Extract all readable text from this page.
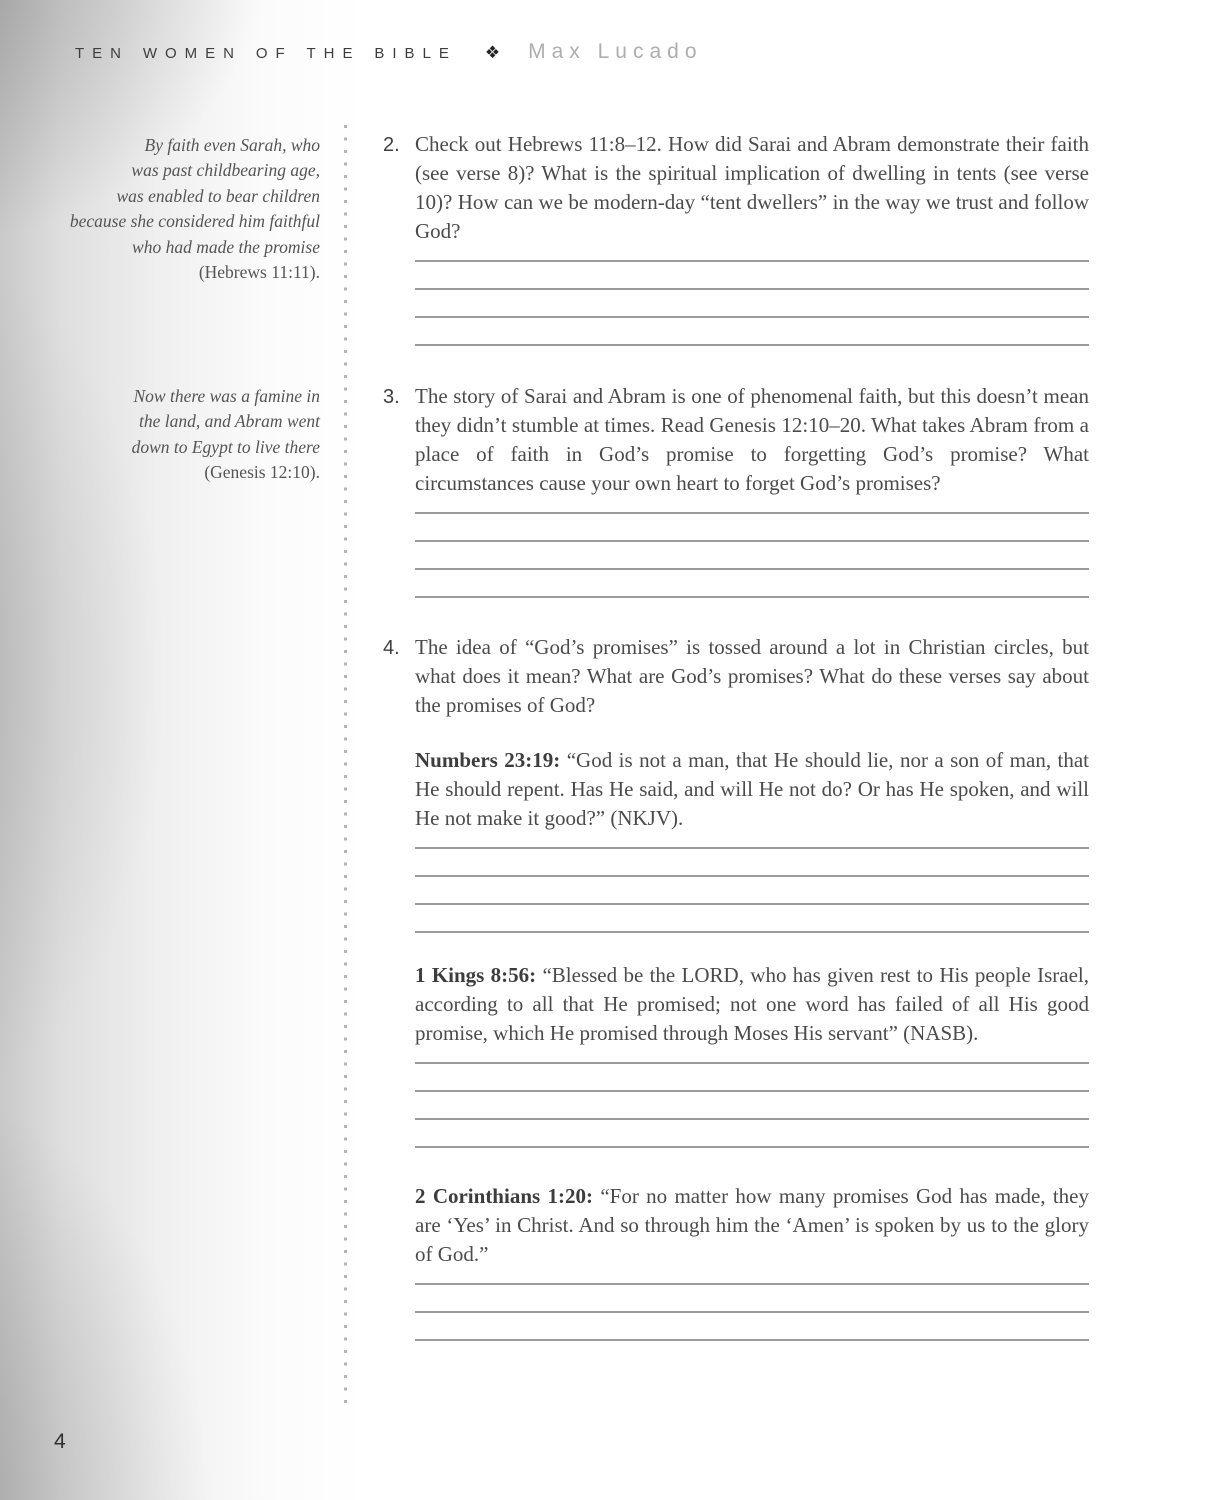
ten women of the bible ❖ Max Lucado
By faith even Sarah, who
was past childbearing age,
was enabled to bear children
because she considered him faithful
who had made the promise
(Hebrews 11:11).
Now there was a famine in
the land, and Abram went
down to Egypt to live there
(Genesis 12:10).
2. Check out Hebrews 11:8–12. How did Sarai and Abram demonstrate their faith (see verse 8)? What is the spiritual implication of dwelling in tents (see verse 10)? How can we be modern-day “tent dwellers” in the way we trust and follow God?
3. The story of Sarai and Abram is one of phenomenal faith, but this doesn’t mean they didn’t stumble at times. Read Genesis 12:10–20. What takes Abram from a place of faith in God’s promise to forgetting God’s promise? What circumstances cause your own heart to forget God’s promises?
4. The idea of “God’s promises” is tossed around a lot in Christian circles, but what does it mean? What are God’s promises? What do these verses say about the promises of God?

Numbers 23:19: “God is not a man, that He should lie, nor a son of man, that He should repent. Has He said, and will He not do? Or has He spoken, and will He not make it good?” (NKJV).

1 Kings 8:56: “Blessed be the LORD, who has given rest to His people Israel, according to all that He promised; not one word has failed of all His good promise, which He promised through Moses His servant” (NASB).

2 Corinthians 1:20: “For no matter how many promises God has made, they are ‘Yes’ in Christ. And so through him the ‘Amen’ is spoken by us to the glory of God.”

4
